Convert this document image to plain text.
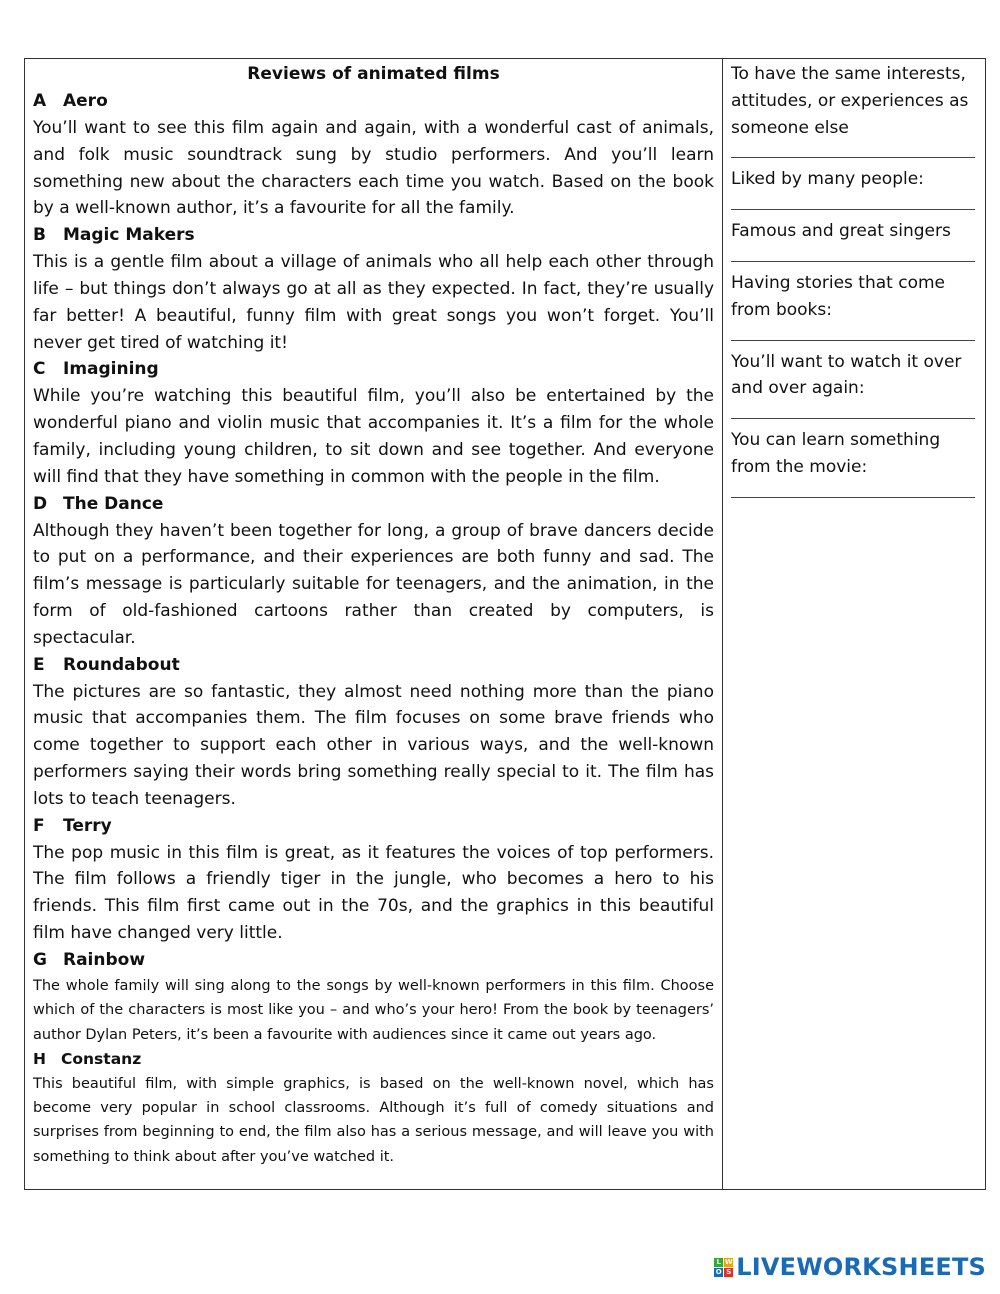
Reviews of animated films
A Aero
You’ll want to see this film again and again, with a wonderful cast of animals, and folk music soundtrack sung by studio performers. And you’ll learn something new about the characters each time you watch. Based on the book by a well-known author, it’s a favourite for all the family.
B Magic Makers
This is a gentle film about a village of animals who all help each other through life – but things don’t always go at all as they expected. In fact, they’re usually far better! A beautiful, funny film with great songs you won’t forget. You’ll never get tired of watching it!
C Imagining
While you’re watching this beautiful film, you’ll also be entertained by the wonderful piano and violin music that accompanies it. It’s a film for the whole family, including young children, to sit down and see together. And everyone will find that they have something in common with the people in the film.
D The Dance
Although they haven’t been together for long, a group of brave dancers decide to put on a performance, and their experiences are both funny and sad. The film’s message is particularly suitable for teenagers, and the animation, in the form of old-fashioned cartoons rather than created by computers, is spectacular.
E Roundabout
The pictures are so fantastic, they almost need nothing more than the piano music that accompanies them. The film focuses on some brave friends who come together to support each other in various ways, and the well-known performers saying their words bring something really special to it. The film has lots to teach teenagers.
F Terry
The pop music in this film is great, as it features the voices of top performers. The film follows a friendly tiger in the jungle, who becomes a hero to his friends. This film first came out in the 70s, and the graphics in this beautiful film have changed very little.
G Rainbow
The whole family will sing along to the songs by well-known performers in this film. Choose which of the characters is most like you – and who’s your hero! From the book by teenagers’ author Dylan Peters, it’s been a favourite with audiences since it came out years ago.
H Constanz
This beautiful film, with simple graphics, is based on the well-known novel, which has become very popular in school classrooms. Although it’s full of comedy situations and surprises from beginning to end, the film also has a serious message, and will leave you with something to think about after you’ve watched it.
To have the same interests, attitudes, or experiences as someone else
Liked by many people:
Famous and great singers
Having stories that come from books:
You’ll want to watch it over and over again:
You can learn something from the movie:
L W
O S LIVEWORKSHEETS
